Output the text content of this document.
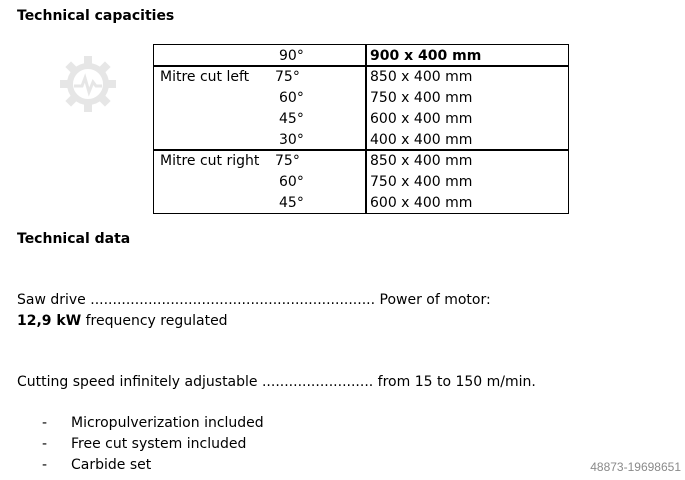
Technical capacities
90°	900 x 400 mm
Mitre cut left 75°	850 x 400 mm
60°	750 x 400 mm
45°	600 x 400 mm
30°	400 x 400 mm
Mitre cut right 75°	850 x 400 mm
60°	750 x 400 mm
45°	600 x 400 mm
Technical data
Saw drive ................................................................ Power of motor:
12,9 kW frequency regulated
Cutting speed infinitely adjustable ......................... from 15 to 150 m/min.
- Micropulverization included
- Free cut system included
- Carbide set	48873-19698651
